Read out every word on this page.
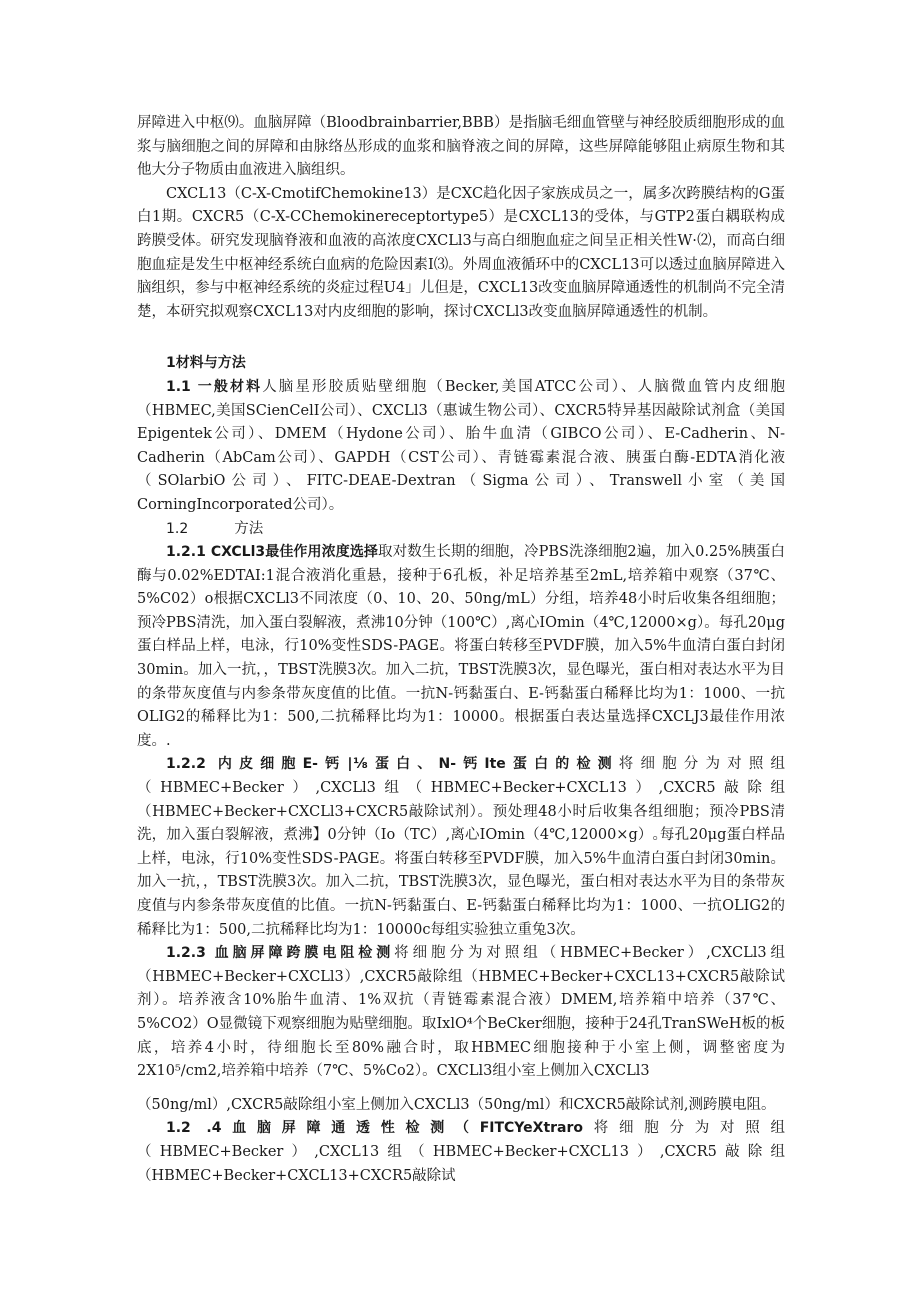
屏障进入中枢⑼。血脑屏障（Bloodbrainbarrier,BBB）是指脑毛细血管壁与神经胶质细胞形成的血浆与脑细胞之间的屏障和由脉络丛形成的血浆和脑脊液之间的屏障，这些屏障能够阻止病原生物和其他大分子物质由血液进入脑组织。

CXCL13（C-X-CmotifChemokine13）是CXC趋化因子家族成员之一，属多次跨膜结构的G蛋白1期。CXCR5（C-X-CChemokinereceptortype5）是CXCL13的受体，与GTP2蛋白耦联构成跨膜受体。研究发现脑脊液和血液的高浓度CXCLl3与高白细胞血症之间呈正相关性W·⑵，而高白细胞血症是发生中枢神经系统白血病的危险因素I⑶。外周血液循环中的CXCL13可以透过血脑屏障进入脑组织，参与中枢神经系统的炎症过程U4」儿但是，CXCL13改变血脑屏障通透性的机制尚不完全清楚，本研究拟观察CXCL13对内皮细胞的影响，探讨CXCLl3改变血脑屏障通透性的机制。

1材料与方法

1.1 一般材料人脑星形胶质贴壁细胞（Becker,美国ATCC公司）、人脑微血管内皮细胞（HBMEC,美国SCienCelI公司）、CXCLl3（惠诚生物公司）、CXCR5特异基因敲除试剂盒（美国Epigentek公司）、DMEM（Hydone公司）、胎牛血清（GIBCO公司）、E-Cadherin、N-Cadherin（AbCam公司）、GAPDH（CST公司）、青链霉素混合液、胰蛋白酶-EDTA消化液（SOlarbiO公司）、FITC-DEAE-Dextran（Sigma公司）、Transwell小室（美国CorningIncorporated公司）。

1.2	方法

1.2.1 CXCLl3最佳作用浓度选择取对数生长期的细胞，冷PBS洗涤细胞2遍，加入0.25%胰蛋白酶与0.02%EDTAI:1混合液消化重悬，接种于6孔板，补足培养基至2mL,培养箱中观察（37℃、5%C02）o根据CXCLl3不同浓度（0、10、20、50ng/mL）分组，培养48小时后收集各组细胞；预冷PBS清洗，加入蛋白裂解液，煮沸10分钟（100℃）,离心IOmin（4℃,12000×g）。每孔20μg蛋白样品上样，电泳，行10%变性SDS-PAGE。将蛋白转移至PVDF膜，加入5%牛血清白蛋白封闭30min。加入一抗，，TBST洗膜3次。加入二抗，TBST洗膜3次，显色曝光，蛋白相对表达水平为目的条带灰度值与内参条带灰度值的比值。一抗N-钙黏蛋白、E-钙黏蛋白稀释比均为1：1000、一抗OLIG2的稀释比为1：500,二抗稀释比均为1：10000。根据蛋白表达量选择CXCLJ3最佳作用浓度。.

1.2.2 内皮细胞E-钙∣⅛蛋白、N-钙Ite蛋白的检测将细胞分为对照组（HBMEC+Becker）,CXCLl3组（HBMEC+Becker+CXCL13）,CXCR5敲除组（HBMEC+Becker+CXCLl3+CXCR5敲除试剂）。预处理48小时后收集各组细胞；预冷PBS清洗，加入蛋白裂解液，煮沸】0分钟（Io（TC）,离心IOmin（4℃,12000×g）｡每孔20μg蛋白样品上样，电泳，行10%变性SDS-PAGE。将蛋白转移至PVDF膜，加入5%牛血清白蛋白封闭30min。加入一抗，，TBST洗膜3次。加入二抗，TBST洗膜3次，显色曝光，蛋白相对表达水平为目的条带灰度值与内参条带灰度值的比值。一抗N-钙黏蛋白、E-钙黏蛋白稀释比均为1：1000、一抗OLIG2的稀释比为1：500,二抗稀释比均为1：10000c每组实验独立重兔3次。

1.2.3 血脑屏障跨膜电阻检测将细胞分为对照组（HBMEC+Becker）,CXCLl3组（HBMEC+Becker+CXCLl3）,CXCR5敲除组（HBMEC+Becker+CXCL13+CXCR5敲除试剂）。培养液含10%胎牛血清、1%双抗（青链霉素混合液）DMEM,培养箱中培养（37℃、5%CO2）O显微镜下观察细胞为贴壁细胞。取IxlO⁴个BeCker细胞，接种于24孔TranSWeH板的板底，培养4小时，待细胞长至80%融合时，取HBMEC细胞接种于小室上侧，调整密度为2X10⁵∕cm2,培养箱中培养（7℃、5%Co2）。CXCLl3组小室上侧加入CXCLl3

（50ng∕ml）,CXCR5敲除组小室上侧加入CXCLl3（50ng∕ml）和CXCR5敲除试剂,测跨膜电阻。

1.2 .4血脑屏障通透性检测（FITCYeXtraro将细胞分为对照组（HBMEC+Becker）,CXCL13组（HBMEC+Becker+CXCL13）,CXCR5敲除组（HBMEC+Becker+CXCL13+CXCR5敲除试
